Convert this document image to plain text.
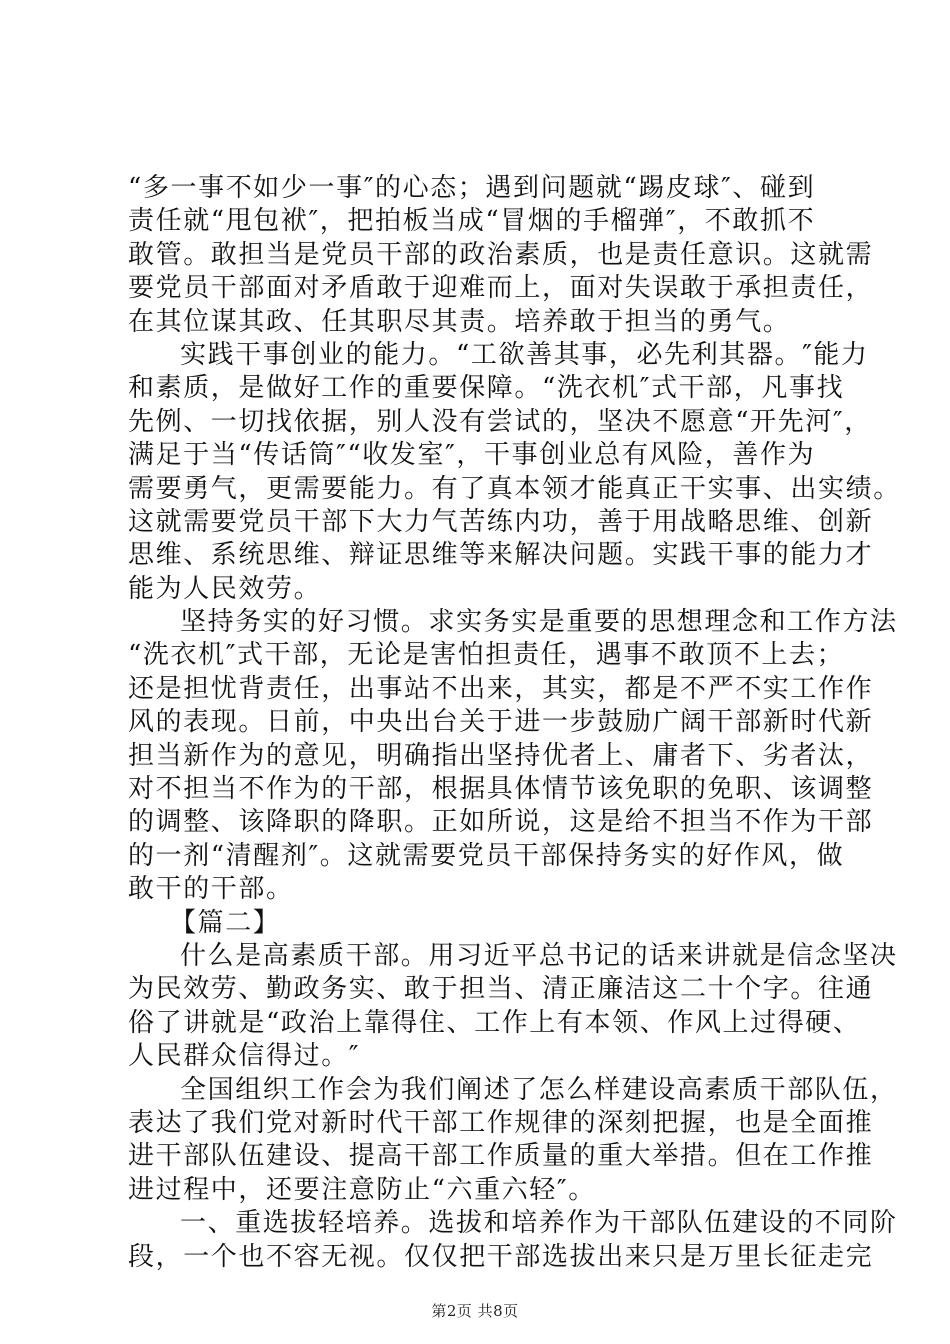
“多一事不如少一事″的心态；遇到问题就“踢皮球″、碰到
责任就“甩包袱″，把拍板当成“冒烟的手榴弹″，不敢抓不
敢管。敢担当是党员干部的政治素质，也是责任意识。这就需
要党员干部面对矛盾敢于迎难而上，面对失误敢于承担责任，
在其位谋其政、任其职尽其责。培养敢于担当的勇气。
实践干事创业的能力。“工欲善其事，必先利其器。″能力
和素质，是做好工作的重要保障。“洗衣机″式干部，凡事找
先例、一切找依据，别人没有尝试的，坚决不愿意“开先河″，
满足于当“传话筒″“收发室″，干事创业总有风险，善作为
需要勇气，更需要能力。有了真本领才能真正干实事、出实绩。
这就需要党员干部下大力气苦练内功，善于用战略思维、创新
思维、系统思维、辩证思维等来解决问题。实践干事的能力才
能为人民效劳。
坚持务实的好习惯。求实务实是重要的思想理念和工作方法
“洗衣机″式干部，无论是害怕担责任，遇事不敢顶不上去；
还是担忧背责任，出事站不出来，其实，都是不严不实工作作
风的表现。日前，中央出台关于进一步鼓励广阔干部新时代新
担当新作为的意见，明确指出坚持优者上、庸者下、劣者汰，
对不担当不作为的干部，根据具体情节该免职的免职、该调整
的调整、该降职的降职。正如所说，这是给不担当不作为干部
的一剂“清醒剂″。这就需要党员干部保持务实的好作风，做
敢干的干部。
【篇二】
什么是高素质干部。用习近平总书记的话来讲就是信念坚决
为民效劳、勤政务实、敢于担当、清正廉洁这二十个字。往通
俗了讲就是“政治上靠得住、工作上有本领、作风上过得硬、
人民群众信得过。″
全国组织工作会为我们阐述了怎么样建设高素质干部队伍，
表达了我们党对新时代干部工作规律的深刻把握，也是全面推
进干部队伍建设、提高干部工作质量的重大举措。但在工作推
进过程中，还要注意防止“六重六轻″。
一、重选拔轻培养。选拔和培养作为干部队伍建设的不同阶
段，一个也不容无视。仅仅把干部选拔出来只是万里长征走完
第2页 共8页
